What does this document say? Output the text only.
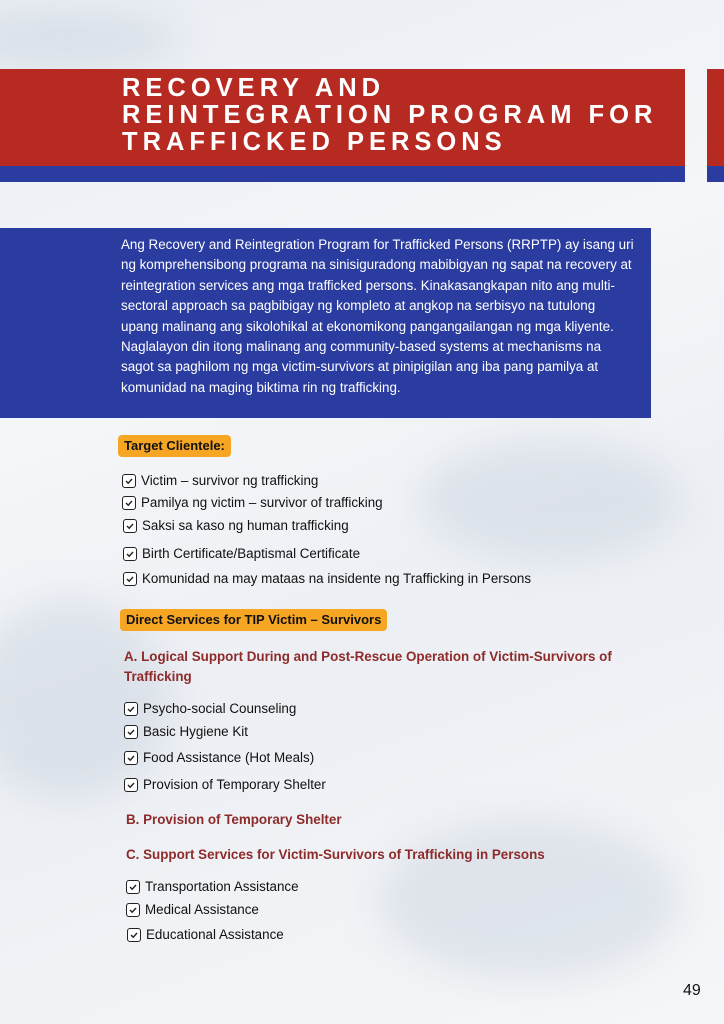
RECOVERY AND REINTEGRATION PROGRAM FOR TRAFFICKED PERSONS

Ang Recovery and Reintegration Program for Trafficked Persons (RRPTP) ay isang uri ng komprehensibong programa na sinisiguradong mabibigyan ng sapat na recovery at reintegration services ang mga trafficked persons. Kinakasangkapan nito ang multi-sectoral approach sa pagbibigay ng kompleto at angkop na serbisyo na tutulong upang malinang ang sikolohikal at ekonomikong pangangailangan ng mga kliyente. Naglalayon din itong malinang ang community-based systems at mechanisms na sagot sa paghilom ng mga victim-survivors at pinipigilan ang iba pang pamilya at komunidad na maging biktima rin ng trafficking.

Target Clientele:
Victim – survivor ng trafficking
Pamilya ng victim – survivor of trafficking
Saksi sa kaso ng human trafficking
Birth Certificate/Baptismal Certificate
Komunidad na may mataas na insidente ng Trafficking in Persons
Direct Services for TIP Victim – Survivors
A. Logical Support During and Post-Rescue Operation of Victim-Survivors of Trafficking
Psycho-social Counseling
Basic Hygiene Kit
Food Assistance (Hot Meals)
Provision of Temporary Shelter
B. Provision of Temporary Shelter
C. Support Services for Victim-Survivors of Trafficking in Persons
Transportation Assistance
Medical Assistance
Educational Assistance
49
